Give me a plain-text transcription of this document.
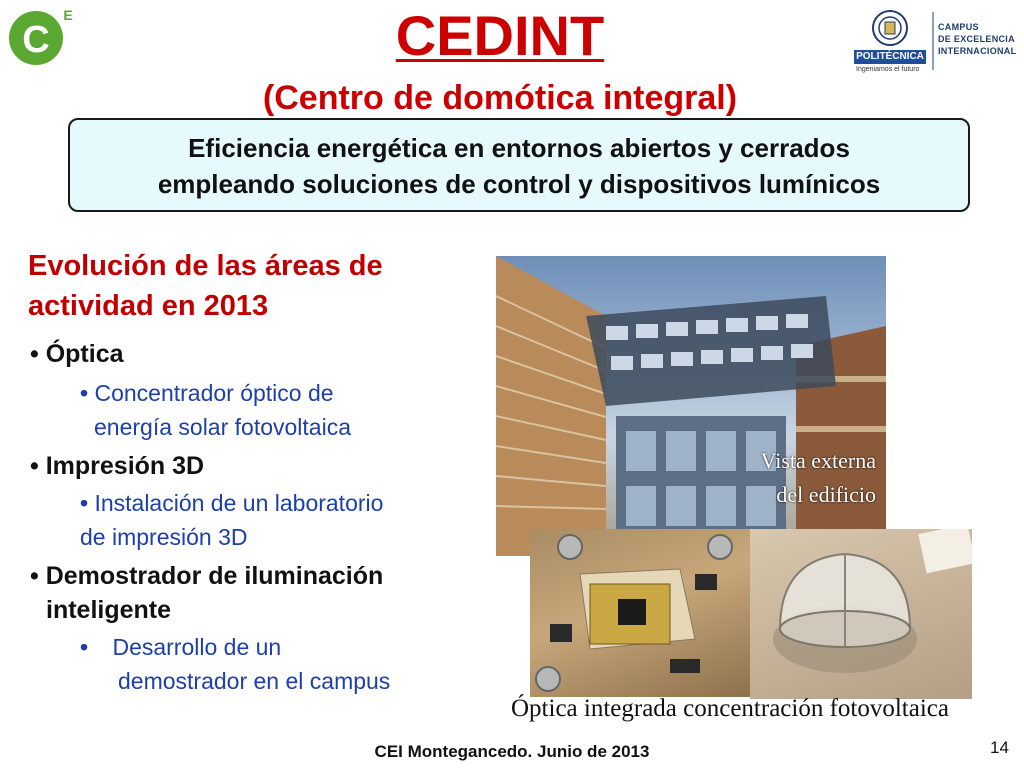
C
E	CEDINT
(Centro de domótica integral)
POLITÉCNICA
Ingeniamos el futuro
CAMPUS
DE EXCELENCIA
INTERNACIONAL
Eficiencia energética en entornos abiertos y cerrados
empleando soluciones de control y dispositivos lumínicos
Evolución de las áreas de
actividad en 2013
• Óptica
• Concentrador óptico de
energía solar fotovoltaica
• Impresión 3D
• Instalación de un laboratorio
de impresión 3D
• Demostrador de iluminación
inteligente
• Desarrollo de un
demostrador en el campus
Vista externa
del edificio
Óptica integrada concentración fotovoltaica
CEI Montegancedo. Junio de 2013	14
